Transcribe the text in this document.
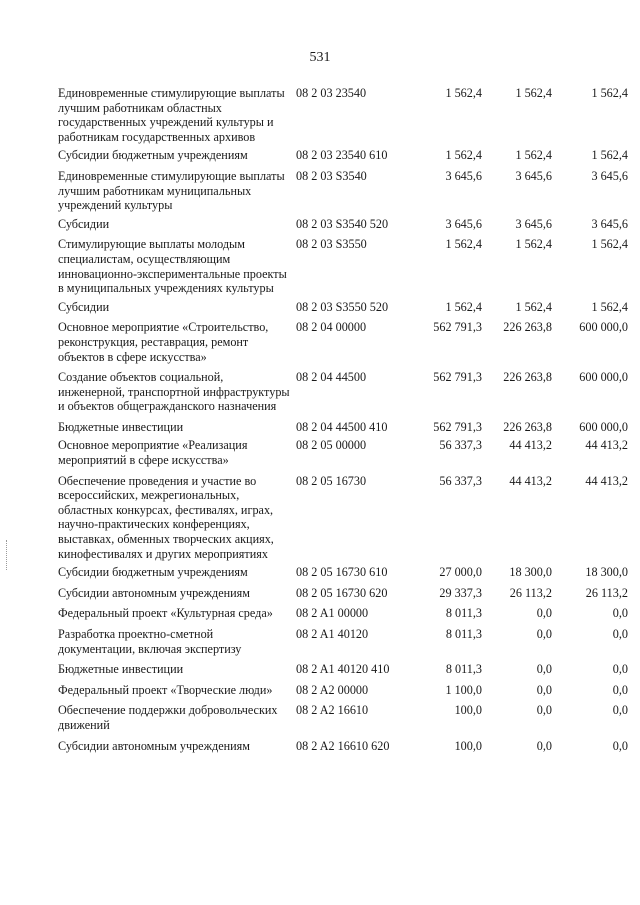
531
Единовременные стимулирующие выплаты лучшим работникам областных государственных учреждений культуры и работникам государственных архивов	08 2 03 23540	1 562,4	1 562,4	1 562,4
Субсидии бюджетным учреждениям	08 2 03 23540 610	1 562,4	1 562,4	1 562,4
Единовременные стимулирующие выплаты лучшим работникам муниципальных учреждений культуры	08 2 03 S3540	3 645,6	3 645,6	3 645,6
Субсидии	08 2 03 S3540 520	3 645,6	3 645,6	3 645,6
Стимулирующие выплаты молодым специалистам, осуществляющим инновационно-экспериментальные проекты в муниципальных учреждениях культуры	08 2 03 S3550	1 562,4	1 562,4	1 562,4
Субсидии	08 2 03 S3550 520	1 562,4	1 562,4	1 562,4
Основное мероприятие «Строительство, реконструкция, реставрация, ремонт объектов в сфере искусства»	08 2 04 00000	562 791,3	226 263,8	600 000,0
Создание объектов социальной, инженерной, транспортной инфраструктуры и объектов общегражданского назначения	08 2 04 44500	562 791,3	226 263,8	600 000,0
Бюджетные инвестиции	08 2 04 44500 410	562 791,3	226 263,8	600 000,0
Основное мероприятие «Реализация мероприятий в сфере искусства»	08 2 05 00000	56 337,3	44 413,2	44 413,2
Обеспечение проведения и участие во всероссийских, межрегиональных, областных конкурсах, фестивалях, играх, научно-практических конференциях, выставках, обменных творческих акциях, кинофестивалях и других мероприятиях	08 2 05 16730	56 337,3	44 413,2	44 413,2
Субсидии бюджетным учреждениям	08 2 05 16730 610	27 000,0	18 300,0	18 300,0
Субсидии автономным учреждениям	08 2 05 16730 620	29 337,3	26 113,2	26 113,2
Федеральный проект «Культурная среда»	08 2 A1 00000	8 011,3	0,0	0,0
Разработка проектно-сметной документации, включая экспертизу	08 2 A1 40120	8 011,3	0,0	0,0
Бюджетные инвестиции	08 2 A1 40120 410	8 011,3	0,0	0,0
Федеральный проект «Творческие люди»	08 2 A2 00000	1 100,0	0,0	0,0
Обеспечение поддержки добровольческих движений	08 2 A2 16610	100,0	0,0	0,0
Субсидии автономным учреждениям	08 2 A2 16610 620	100,0	0,0	0,0
